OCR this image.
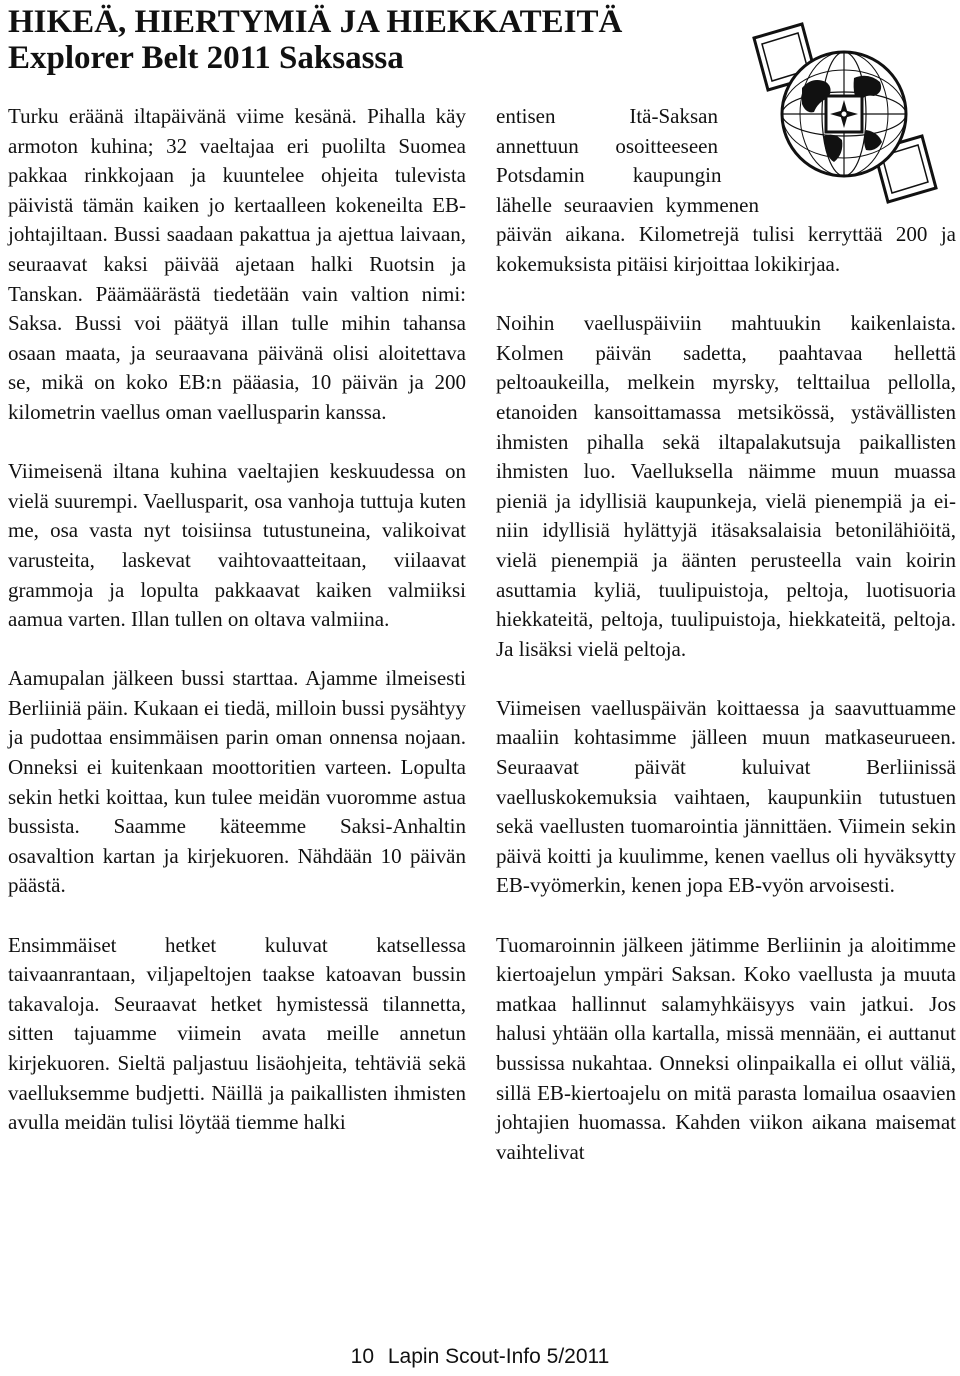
HIKEÄ, HIERTYMIÄ JA HIEKKATEITÄ
Explorer Belt 2011 Saksassa

Turku eräänä iltapäivänä viime kesänä. Pihalla käy armoton kuhina; 32 vaeltajaa eri puolilta Suomea pakkaa rinkkojaan ja kuuntelee ohjeita tulevista päivistä tämän kaiken jo kertaalleen kokeneilta EB-johtajiltaan. Bussi saadaan pakattua ja ajettua laivaan, seuraavat kaksi päivää ajetaan halki Ruotsin ja Tanskan. Päämäärästä tiedetään vain valtion nimi: Saksa. Bussi voi päätyä illan tulle mihin tahansa osaan maata, ja seuraavana päivänä olisi aloitettava se, mikä on koko EB:n pääasia, 10 päivän ja 200 kilometrin vaellus oman vaellusparin kanssa.

Viimeisenä iltana kuhina vaeltajien keskuudessa on vielä suurempi. Vaellusparit, osa vanhoja tuttuja kuten me, osa vasta nyt toisiinsa tutustuneina, valikoivat varusteita, laskevat vaihtovaatteitaan, viilaavat grammoja ja lopulta pakkaavat kaiken valmiiksi aamua varten. Illan tullen on oltava valmiina.

Aamupalan jälkeen bussi starttaa. Ajamme ilmeisesti Berliiniä päin. Kukaan ei tiedä, milloin bussi pysähtyy ja pudottaa ensimmäisen parin oman onnensa nojaan. Onneksi ei kuitenkaan moottoritien varteen. Lopulta sekin hetki koittaa, kun tulee meidän vuoromme astua bussista. Saamme käteemme Saksi-Anhaltin osavaltion kartan ja kirjekuoren. Nähdään 10 päivän päästä.

Ensimmäiset hetket kuluvat katsellessa taivaanrantaan, viljapeltojen taakse katoavan bussin takavaloja. Seuraavat hetket hymistessä tilannetta, sitten tajuamme viimein avata meille annetun kirjekuoren. Sieltä paljastuu lisäohjeita, tehtäviä sekä vaelluksemme budjetti. Näillä ja paikallisten ihmisten avulla meidän tulisi löytää tiemme halki

entisen Itä-Saksan annettuun osoitteeseen Potsdamin kaupungin lähelle seuraavien kymmenen päivän aikana. Kilometrejä tulisi kerryttää 200 ja kokemuksista pitäisi kirjoittaa lokikirjaa.

Noihin vaelluspäiviin mahtuukin kaikenlaista. Kolmen päivän sadetta, paahtavaa hellettä peltoaukeilla, melkein myrsky, telttailua pellolla, etanoiden kansoittamassa metsikössä, ystävällisten ihmisten pihalla sekä iltapalakutsuja paikallisten ihmisten luo. Vaelluksella näimme muun muassa pieniä ja idyllisiä kaupunkeja, vielä pienempiä ja ei-niin idyllisiä hylättyjä itäsaksalaisia betonilähiöitä, vielä pienempiä ja äänten perusteella vain koirin asuttamia kyliä, tuulipuistoja, peltoja, luotisuoria hiekkateitä, peltoja, tuulipuistoja, hiekkateitä, peltoja. Ja lisäksi vielä peltoja.

Viimeisen vaelluspäivän koittaessa ja saavuttuamme maaliin kohtasimme jälleen muun matkaseurueen. Seuraavat päivät kuluivat Berliinissä vaelluskokemuksia vaihtaen, kaupunkiin tutustuen sekä vaellusten tuomarointia jännittäen. Viimein sekin päivä koitti ja kuulimme, kenen vaellus oli hyväksytty EB-vyömerkin, kenen jopa EB-vyön arvoisesti.

Tuomaroinnin jälkeen jätimme Berliinin ja aloitimme kiertoajelun ympäri Saksan. Koko vaellusta ja muuta matkaa hallinnut salamyhkäisyys vain jatkui. Jos halusi yhtään olla kartalla, missä mennään, ei auttanut bussissa nukahtaa. Onneksi olinpaikalla ei ollut väliä, sillä EB-kiertoajelu on mitä parasta lomailua osaavien johtajien huomassa. Kahden viikon aikana maisemat vaihtelivat

10 Lapin Scout-Info 5/2011
